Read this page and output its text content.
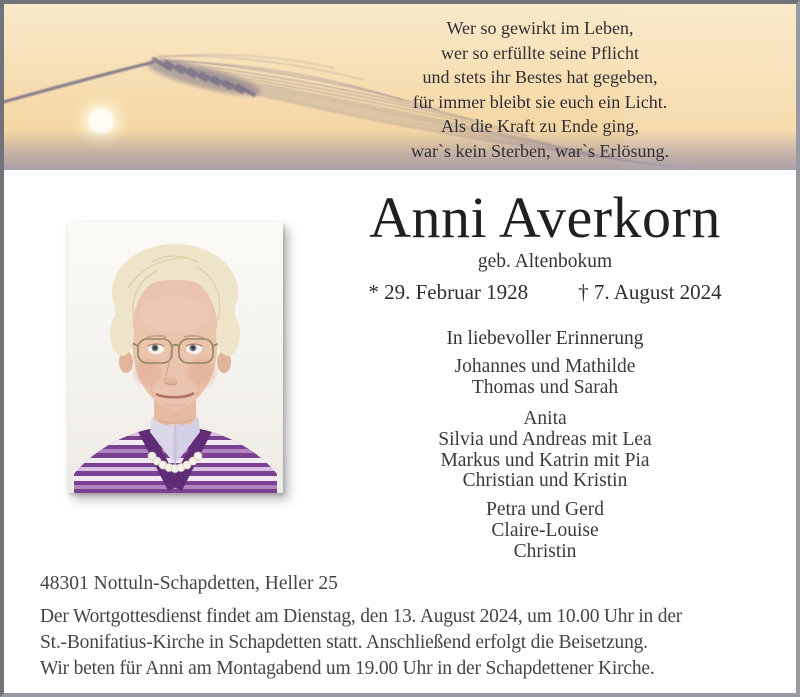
Wer so gewirkt im Leben,
wer so erfüllte seine Pflicht
und stets ihr Bestes hat gegeben,
für immer bleibt sie euch ein Licht.
Als die Kraft zu Ende ging,
war`s kein Sterben, war`s Erlösung.
Anni Averkorn
geb. Altenbokum
* 29. Februar 1928 † 7. August 2024
In liebevoller Erinnerung
Johannes und Mathilde
Thomas und Sarah
Anita
Silvia und Andreas mit Lea
Markus und Katrin mit Pia
Christian und Kristin
Petra und Gerd
Claire-Louise
Christin
48301 Nottuln-Schapdetten, Heller 25
Der Wortgottesdienst findet am Dienstag, den 13. August 2024, um 10.00 Uhr in der
St.-Bonifatius-Kirche in Schapdetten statt. Anschließend erfolgt die Beisetzung.
Wir beten für Anni am Montagabend um 19.00 Uhr in der Schapdettener Kirche.
